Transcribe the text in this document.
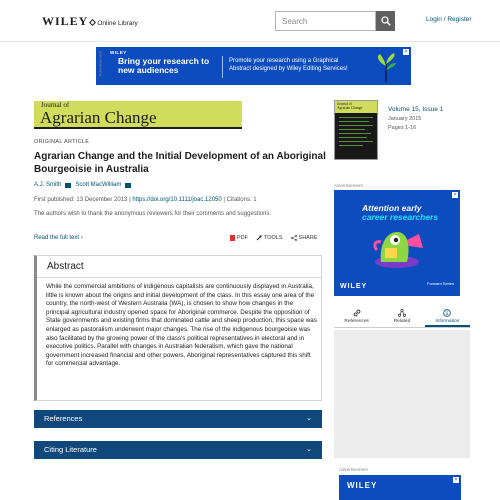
WILEY Online Library	Search	Login / Register
Advertisement WILEY
Bring your research to new audiences
Promote your research using a Graphical Abstract designed by Wiley Editing Services!
×
Journal of
Agrarian Change
ORIGINAL ARTICLE
Agrarian Change and the Initial Development of an Aboriginal Bourgeoisie in Australia
A.J. Smith Scott MacWilliam
First published: 13 December 2013 | https://doi.org/10.1111/joac.12050 | Citations: 1
The authors wish to thank the anonymous reviewers for their comments and suggestions.
Read the full text ›	PDF	TOOLS	SHARE
Abstract
While the commercial ambitions of indigenous capitalists are continuously displayed in Australia, little is known about the origins and initial development of the class. In this essay one area of the country, the north-west of Western Australia (WA), is chosen to show how changes in the principal agricultural industry opened space for Aboriginal commerce. Despite the opposition of State governments and existing firms that dominated cattle and sheep production, this space was enlarged as pastoralism underwent major changes. The rise of the indigenous bourgeoisie was also facilitated by the growing power of the class's political representatives in electoral and in executive politics. Parallel with changes in Australian federalism, which gave the national government increased financial and other powers, Aboriginal representatives captured this shift for commercial advantage.
References	⌄
Citing Literature	⌄
Journal of
Agrarian Change	Volume 15, Issue 1
January 2015
Pages 1-16
Advertisement
Attention early
career researchers
WILEY	Forward Series
×
References	Related	Information
Advertisement
WILEY
×
